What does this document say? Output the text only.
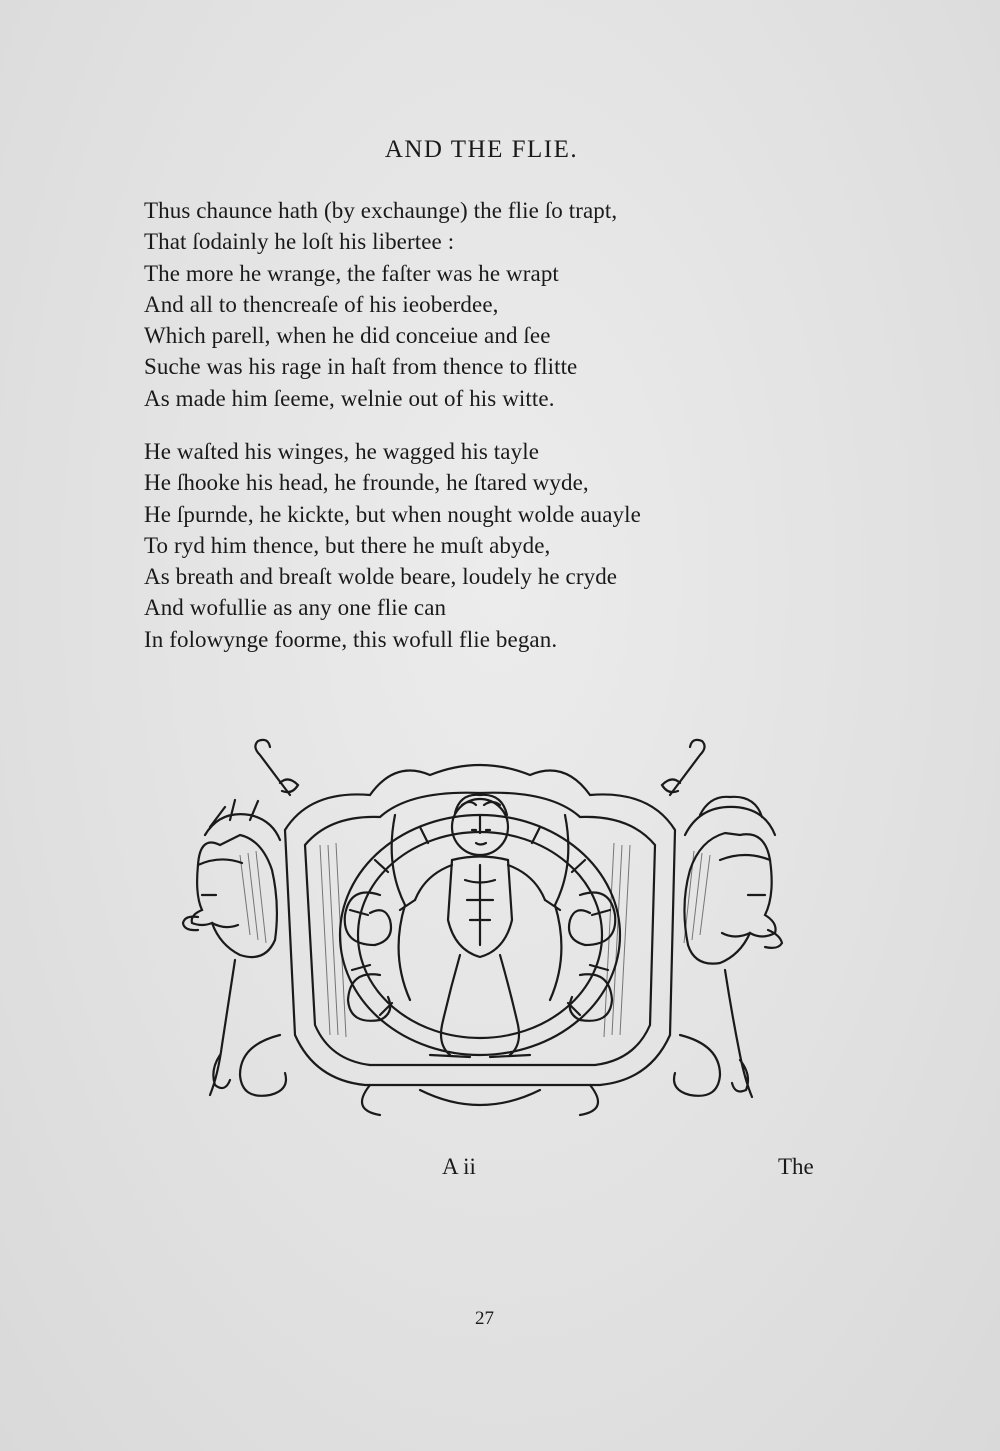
AND THE FLIE.
Thus chaunce hath (by exchaunge) the flie ſo trapt,
That ſodainly he loſt his libertee :
The more he wrange, the faſter was he wrapt
And all to thencreaſe of his ieoberdee,
Which parell, when he did conceiue and ſee
Suche was his rage in haſt from thence to flitte
As made him ſeeme, welnie out of his witte.
He waſted his winges, he wagged his tayle
He ſhooke his head, he frounde, he ſtared wyde,
He ſpurnde, he kickte, but when nought wolde auayle
To ryd him thence, but there he muſt abyde,
As breath and breaſt wolde beare, loudely he cryde
And wofullie as any one flie can
In folowynge foorme, this wofull flie began.
A ii	The
27
